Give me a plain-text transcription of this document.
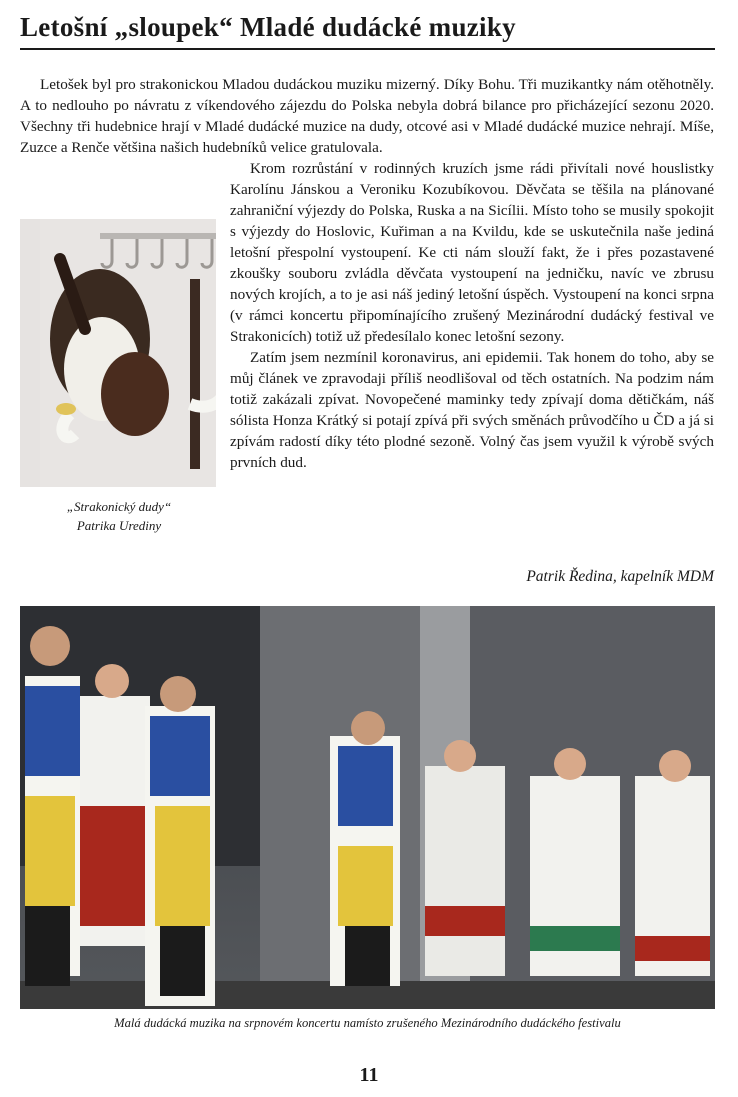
Letošní „sloupek“ Mladé dudácké muziky

Letošek byl pro strakonickou Mladou dudáckou muziku mizerný. Díky Bohu. Tři muzikantky nám otěhotněly. A to nedlouho po návratu z víkendového zájezdu do Polska nebyla dobrá bilance pro přicházející sezonu 2020. Všechny tři hudebnice hrají v Mladé dudácké muzice na dudy, otcové asi v Mladé dudácké muzice nehrají. Míše, Zuzce a Renče většina našich hudebníků velice gratulovala.

„Strakonický dudy“
Patrika Urediny
Krom rozrůstání v rodinných kruzích jsme rádi přivítali nové houslistky Karolínu Jánskou a Veroniku Kozubíkovou. Děvčata se těšila na plánované zahraniční výjezdy do Polska, Ruska a na Sicílii. Místo toho se musily spokojit s výjezdy do Hoslovic, Kuřiman a na Kvildu, kde se uskutečnila naše jediná letošní přespolní vystoupení. Ke cti nám slouží fakt, že i přes pozastavené zkoušky souboru zvládla děvčata vystoupení na jedničku, navíc ve zbrusu nových krojích, a to je asi náš jediný letošní úspěch. Vystoupení na konci srpna (v rámci koncertu připomínajícího zrušený Mezinárodní dudácký festival ve Strakonicích) totiž už předesílalo konec letošní sezony.

Zatím jsem nezmínil koronavirus, ani epidemii. Tak honem do toho, aby se můj článek ve zpravodaji příliš neodlišoval od těch ostatních. Na podzim nám totiž zakázali zpívat. Novopečené maminky tedy zpívají doma dětičkám, náš sólista Honza Krátký si potají zpívá při svých směnách průvodčího u ČD a já si zpívám radostí díky této plodné sezoně. Volný čas jsem využil k výrobě svých prvních dud.

Patrik Ředina, kapelník MDM
Malá dudácká muzika na srpnovém koncertu namísto zrušeného Mezinárodního dudáckého festivalu
11
